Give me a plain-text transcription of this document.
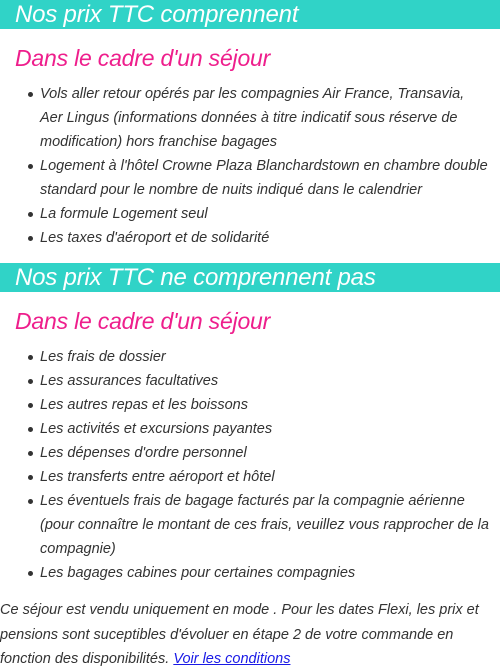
Nos prix TTC comprennent
Dans le cadre d'un séjour
Vols aller retour opérés par les compagnies Air France, Transavia, Aer Lingus (informations données à titre indicatif sous réserve de modification) hors franchise bagages
Logement à l'hôtel Crowne Plaza Blanchardstown en chambre double standard pour le nombre de nuits indiqué dans le calendrier
La formule Logement seul
Les taxes d'aéroport et de solidarité
Nos prix TTC ne comprennent pas
Dans le cadre d'un séjour
Les frais de dossier
Les assurances facultatives
Les autres repas et les boissons
Les activités et excursions payantes
Les dépenses d'ordre personnel
Les transferts entre aéroport et hôtel
Les éventuels frais de bagage facturés par la compagnie aérienne (pour connaître le montant de ces frais, veuillez vous rapprocher de la compagnie)
Les bagages cabines pour certaines compagnies
Ce séjour est vendu uniquement en mode . Pour les dates Flexi, les prix et pensions sont suceptibles d'évoluer en étape 2 de votre commande en fonction des disponibilités. Voir les conditions
